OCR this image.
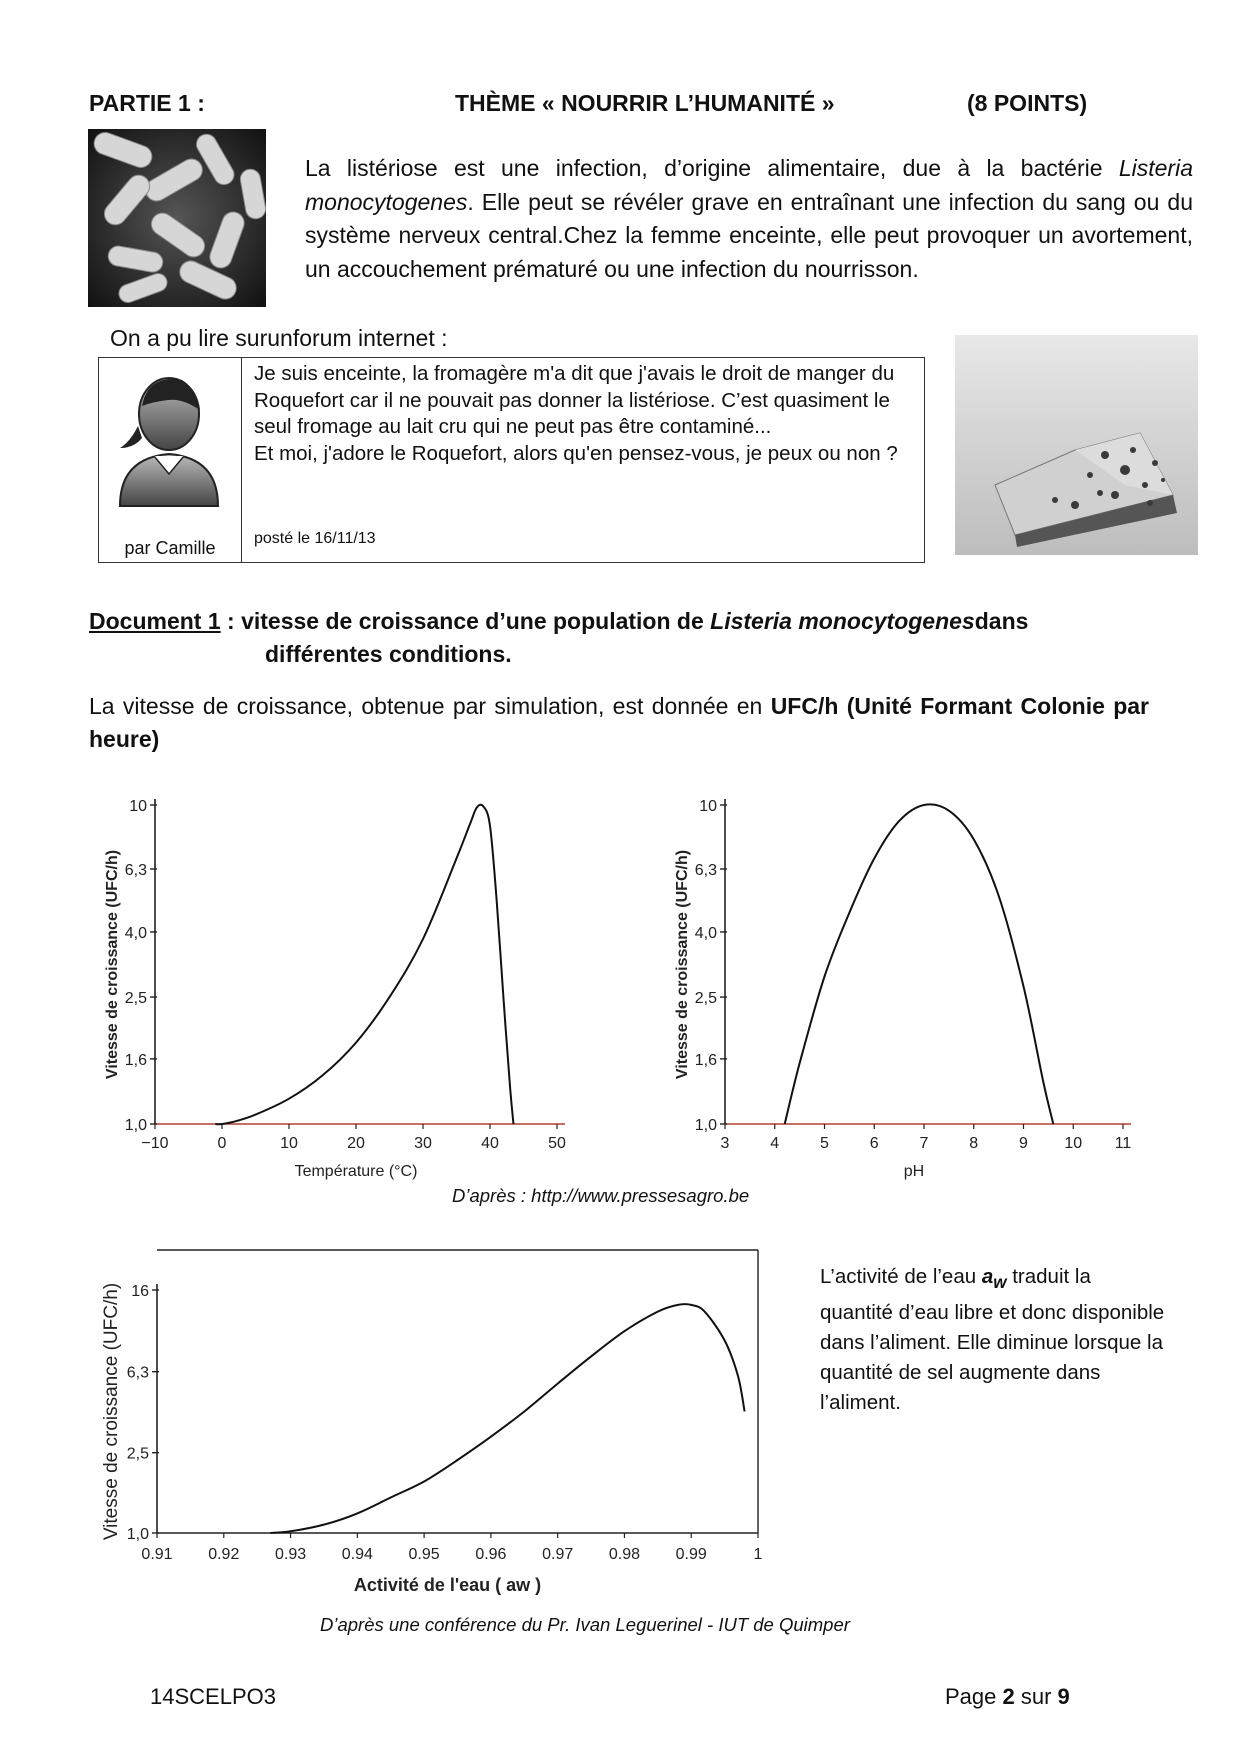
PARTIE 1 :	THÈME « NOURRIR L’HUMANITÉ »	(8 POINTS)
La listériose est une infection, d’origine alimentaire, due à la bactérie Listeria monocytogenes. Elle peut se révéler grave en entraînant une infection du sang ou du système nerveux central.Chez la femme enceinte, elle peut provoquer un avortement, un accouchement prématuré ou une infection du nourrisson.
On a pu lire surunforum internet :
par Camille
Je suis enceinte, la fromagère m'a dit que j'avais le droit de manger du Roquefort car il ne pouvait pas donner la listériose. C’est quasiment le seul fromage au lait cru qui ne peut pas être contaminé...
Et moi, j'adore le Roquefort, alors qu'en pensez-vous, je peux ou non ?
posté le 16/11/13
Document 1 : vitesse de croissance d’une population de Listeria monocytogenesdans
différentes conditions.
La vitesse de croissance, obtenue par simulation, est donnée en UFC/h (Unité Formant Colonie par heure)
1,0
1,6
2,5
4,0
6,3
10
−10	0	10	20	30	40	50
Température (°C)
Vitesse de croissance (UFC/h)
1,0
1,6
2,5
4,0
6,3
10
3	4	5	6	7	8	9 10 11
pH
Vitesse de croissance (UFC/h)
D’après : http://www.pressesagro.be
1,0
2,5
6,3
16
0.91 0.92 0.93 0.94 0.95 0.96 0.97 0.98 0.99	1
Activité de l'eau ( aw )
Vitesse de croissance (UFC/h)
L’activité de l’eau $a_w$ traduit la quantité d’eau libre et donc disponible dans l’aliment. Elle diminue lorsque la quantité de sel augmente dans l’aliment.
D’après une conférence du Pr. Ivan Leguerinel - IUT de Quimper
14SCELPO3	Page 2 sur 9
